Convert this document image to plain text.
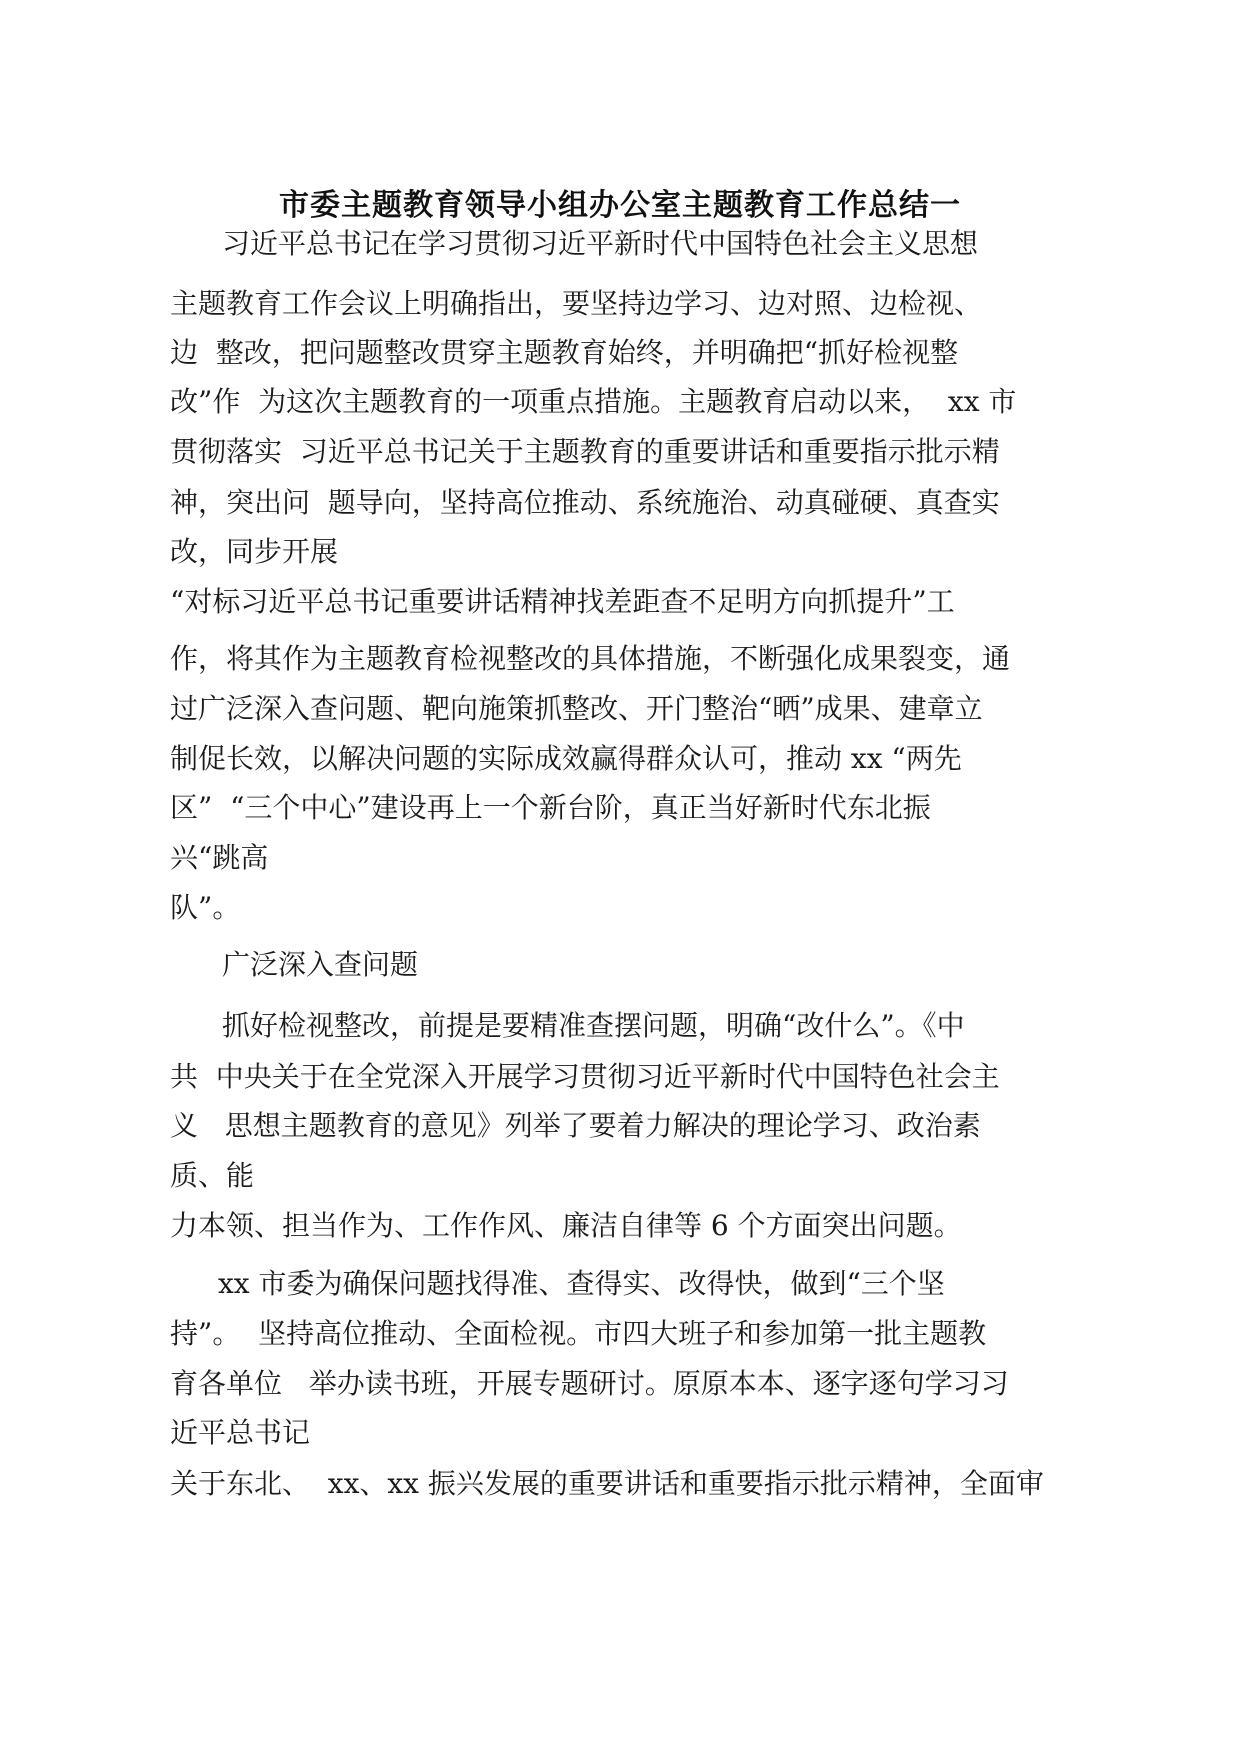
市委主题教育领导小组办公室主题教育工作总结一
习近平总书记在学习贯彻习近平新时代中国特色社会主义思想
主题教育工作会议上明确指出，要坚持边学习、边对照、边检视、
边  整改，把问题整改贯穿主题教育始终，并明确把“抓好检视整
改”作  为这次主题教育的一项重点措施。主题教育启动以来，  xx 市
贯彻落实  习近平总书记关于主题教育的重要讲话和重要指示批示精
神，突出问  题导向，坚持高位推动、系统施治、动真碰硬、真查实
改，同步开展
“对标习近平总书记重要讲话精神找差距查不足明方向抓提升”工
作，将其作为主题教育检视整改的具体措施，不断强化成果裂变，通
过广泛深入查问题、靶向施策抓整改、开门整治“晒”成果、建章立
制促长效，以解决问题的实际成效赢得群众认可，推动 xx “两先
区”  “三个中心”建设再上一个新台阶，真正当好新时代东北振
兴“跳高
队”。
广泛深入查问题
抓好检视整改，前提是要精准查摆问题，明确“改什么”。《中
共  中央关于在全党深入开展学习贯彻习近平新时代中国特色社会主
义   思想主题教育的意见》列举了要着力解决的理论学习、政治素
质、能
力本领、担当作为、工作作风、廉洁自律等 6 个方面突出问题。
xx 市委为确保问题找得准、查得实、改得快，做到“三个坚
持”。  坚持高位推动、全面检视。市四大班子和参加第一批主题教
育各单位   举办读书班，开展专题研讨。原原本本、逐字逐句学习习
近平总书记
关于东北、  xx、xx 振兴发展的重要讲话和重要指示批示精神，全面审
